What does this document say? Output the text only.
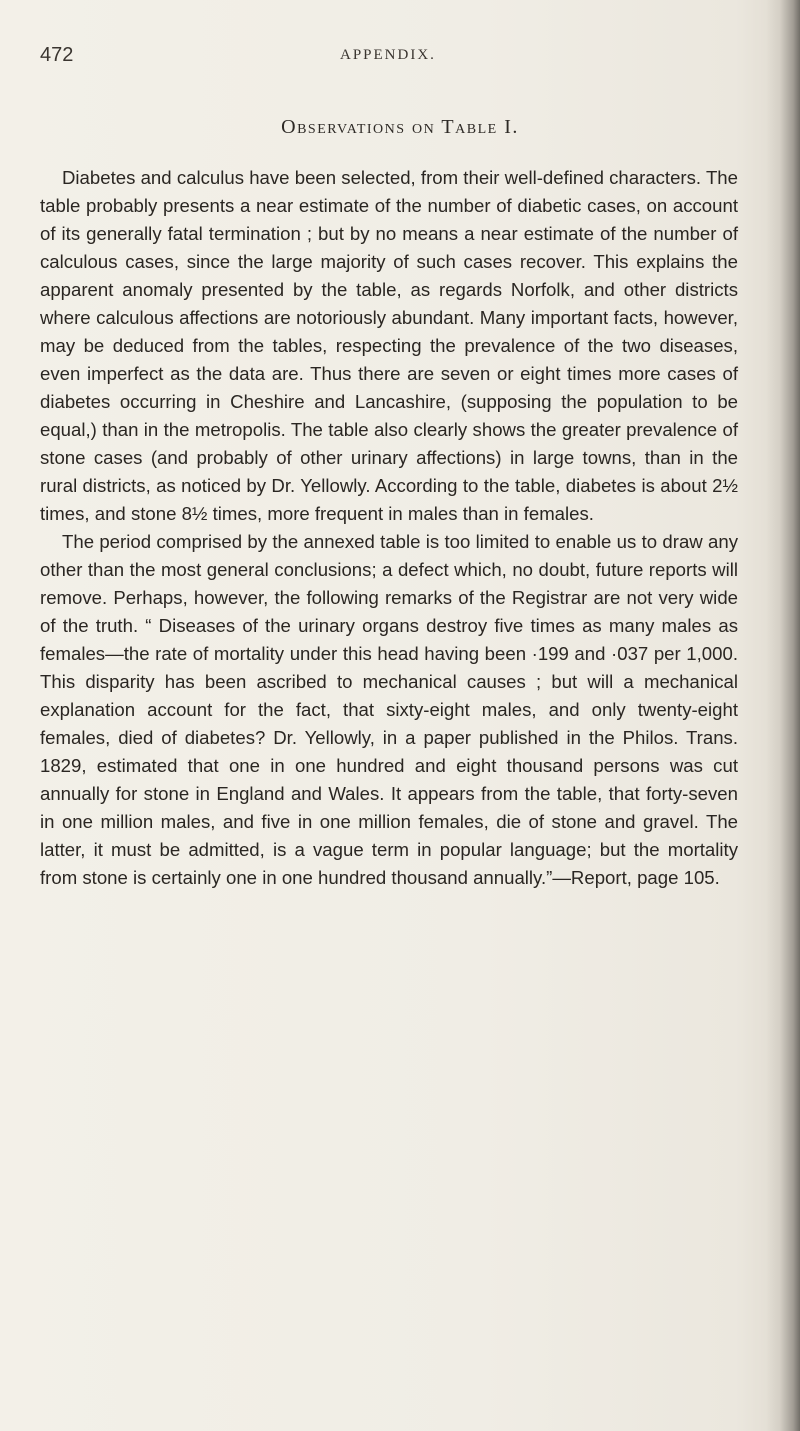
472	APPENDIX.
Observations on Table I.

Diabetes and calculus have been selected, from their well-defined characters. The table probably presents a near estimate of the number of diabetic cases, on account of its generally fatal termination ; but by no means a near estimate of the number of calculous cases, since the large majority of such cases recover. This explains the apparent anomaly presented by the table, as regards Norfolk, and other districts where calculous affections are notoriously abundant. Many important facts, however, may be deduced from the tables, respecting the prevalence of the two diseases, even imperfect as the data are. Thus there are seven or eight times more cases of diabetes occurring in Cheshire and Lancashire, (supposing the population to be equal,) than in the metropolis. The table also clearly shows the greater prevalence of stone cases (and probably of other urinary affections) in large towns, than in the rural districts, as noticed by Dr. Yellowly. According to the table, diabetes is about 2½ times, and stone 8½ times, more frequent in males than in females.

The period comprised by the annexed table is too limited to enable us to draw any other than the most general conclusions; a defect which, no doubt, future reports will remove. Perhaps, however, the following remarks of the Registrar are not very wide of the truth. “ Diseases of the urinary organs destroy five times as many males as females—the rate of mortality under this head having been ·199 and ·037 per 1,000. This disparity has been ascribed to mechanical causes ; but will a mechanical explanation account for the fact, that sixty-eight males, and only twenty-eight females, died of diabetes? Dr. Yellowly, in a paper published in the Philos. Trans. 1829, estimated that one in one hundred and eight thousand persons was cut annually for stone in England and Wales. It appears from the table, that forty-seven in one million males, and five in one million females, die of stone and gravel. The latter, it must be admitted, is a vague term in popular language; but the mortality from stone is certainly one in one hundred thousand annually.”—Report, page 105.
